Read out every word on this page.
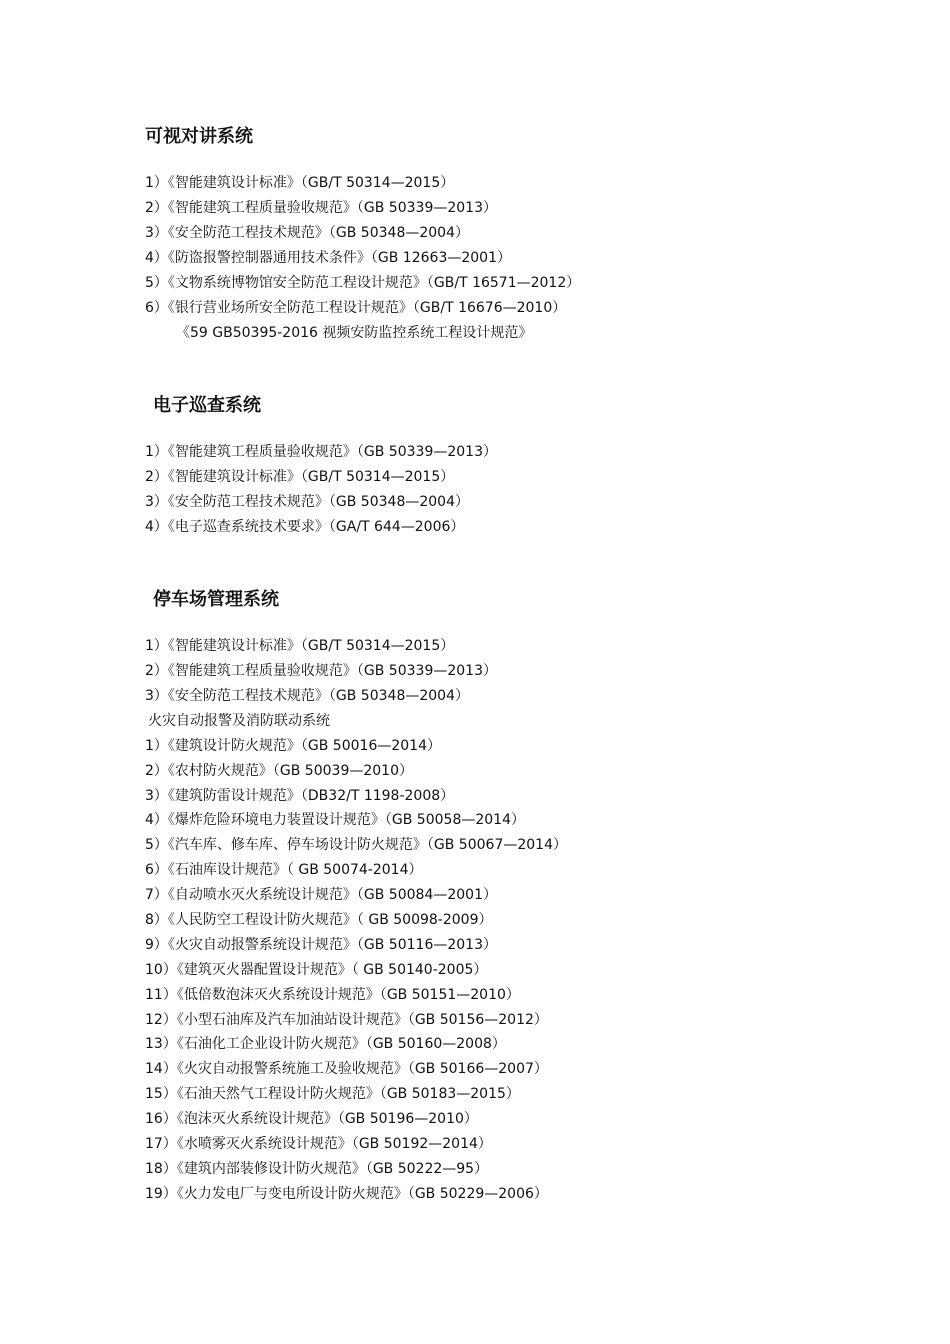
可视对讲系统
1）《智能建筑设计标准》（GB/T 50314—2015）
2）《智能建筑工程质量验收规范》（GB 50339—2013）
3）《安全防范工程技术规范》（GB 50348—2004）
4）《防盗报警控制器通用技术条件》（GB 12663—2001）
5）《文物系统博物馆安全防范工程设计规范》（GB/T 16571—2012）
6）《银行营业场所安全防范工程设计规范》（GB/T 16676—2010）
《59 GB50395-2016 视频安防监控系统工程设计规范》
电子巡查系统
1）《智能建筑工程质量验收规范》（GB 50339—2013）
2）《智能建筑设计标准》（GB/T 50314—2015）
3）《安全防范工程技术规范》（GB 50348—2004）
4）《电子巡查系统技术要求》（GA/T 644—2006）
停车场管理系统
1）《智能建筑设计标准》（GB/T 50314—2015）
2）《智能建筑工程质量验收规范》（GB 50339—2013）
3）《安全防范工程技术规范》（GB 50348—2004）
火灾自动报警及消防联动系统
1）《建筑设计防火规范》（GB 50016—2014）
2）《农村防火规范》（GB 50039—2010）
3）《建筑防雷设计规范》（DB32/T 1198-2008）
4）《爆炸危险环境电力装置设计规范》（GB 50058—2014）
5）《汽车库、修车库、停车场设计防火规范》（GB 50067—2014）
6）《石油库设计规范》（ GB 50074-2014）
7）《自动喷水灭火系统设计规范》（GB 50084—2001）
8）《人民防空工程设计防火规范》（ GB 50098-2009）
9）《火灾自动报警系统设计规范》（GB 50116—2013）
10）《建筑灭火器配置设计规范》（ GB 50140-2005）
11）《低倍数泡沫灭火系统设计规范》（GB 50151—2010）
12）《小型石油库及汽车加油站设计规范》（GB 50156—2012）
13）《石油化工企业设计防火规范》（GB 50160—2008）
14）《火灾自动报警系统施工及验收规范》（GB 50166—2007）
15）《石油天然气工程设计防火规范》（GB 50183—2015）
16）《泡沫灭火系统设计规范》（GB 50196—2010）
17）《水喷雾灭火系统设计规范》（GB 50192—2014）
18）《建筑内部装修设计防火规范》（GB 50222—95）
19）《火力发电厂与变电所设计防火规范》（GB 50229—2006）
